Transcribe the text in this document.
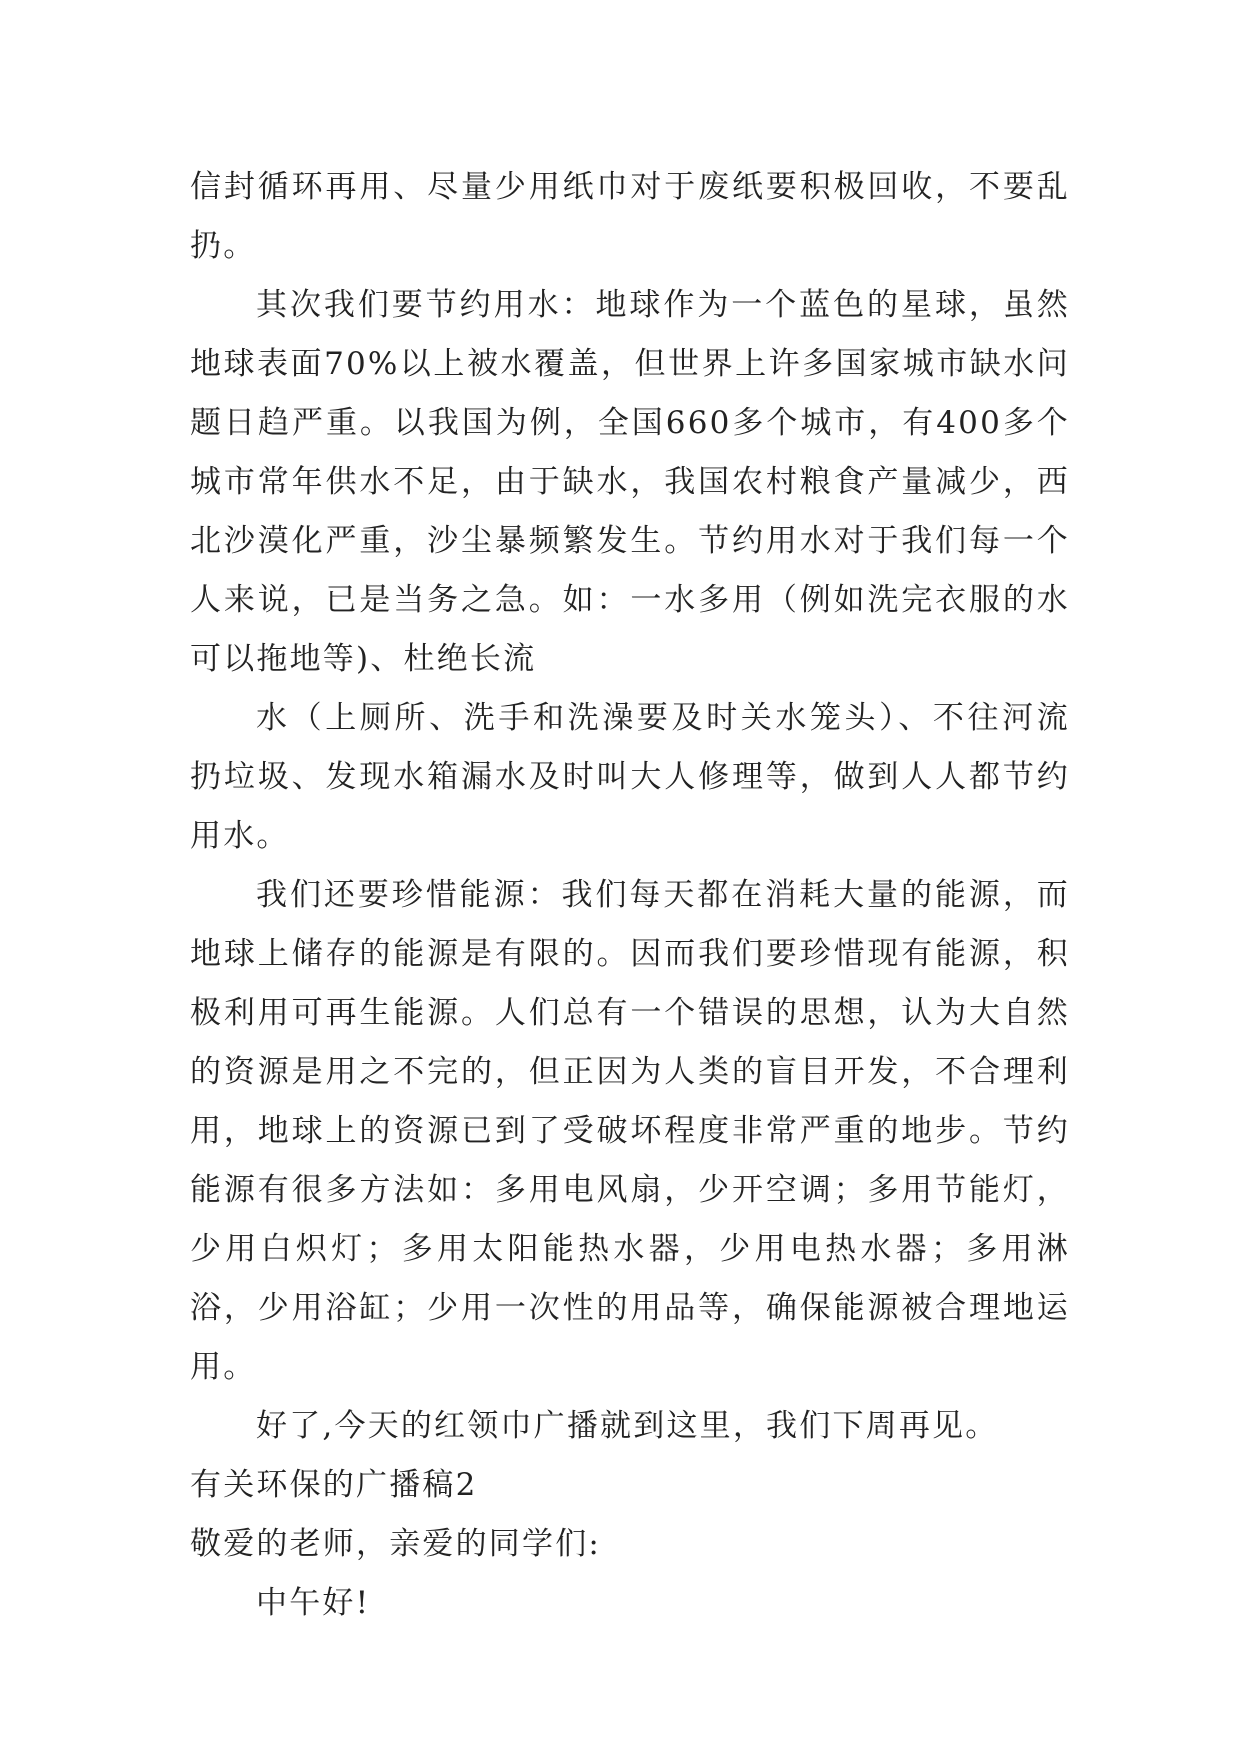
信封循环再用、尽量少用纸巾对于废纸要积极回收，不要乱扔。

其次我们要节约用水：地球作为一个蓝色的星球，虽然地球表面70%以上被水覆盖，但世界上许多国家城市缺水问题日趋严重。以我国为例，全国660多个城市，有400多个城市常年供水不足，由于缺水，我国农村粮食产量减少，西北沙漠化严重，沙尘暴频繁发生。节约用水对于我们每一个人来说，已是当务之急。如：一水多用（例如洗完衣服的水可以拖地等)、杜绝长流

水（上厕所、洗手和洗澡要及时关水笼头）、不往河流扔垃圾、发现水箱漏水及时叫大人修理等，做到人人都节约用水。

我们还要珍惜能源：我们每天都在消耗大量的能源，而地球上储存的能源是有限的。因而我们要珍惜现有能源，积极利用可再生能源。人们总有一个错误的思想，认为大自然的资源是用之不完的，但正因为人类的盲目开发，不合理利用，地球上的资源已到了受破坏程度非常严重的地步。节约能源有很多方法如：多用电风扇，少开空调；多用节能灯，少用白炽灯；多用太阳能热水器，少用电热水器；多用淋浴，少用浴缸；少用一次性的用品等，确保能源被合理地运用。

好了,今天的红领巾广播就到这里，我们下周再见。

有关环保的广播稿2

敬爱的老师，亲爱的同学们:

中午好!
